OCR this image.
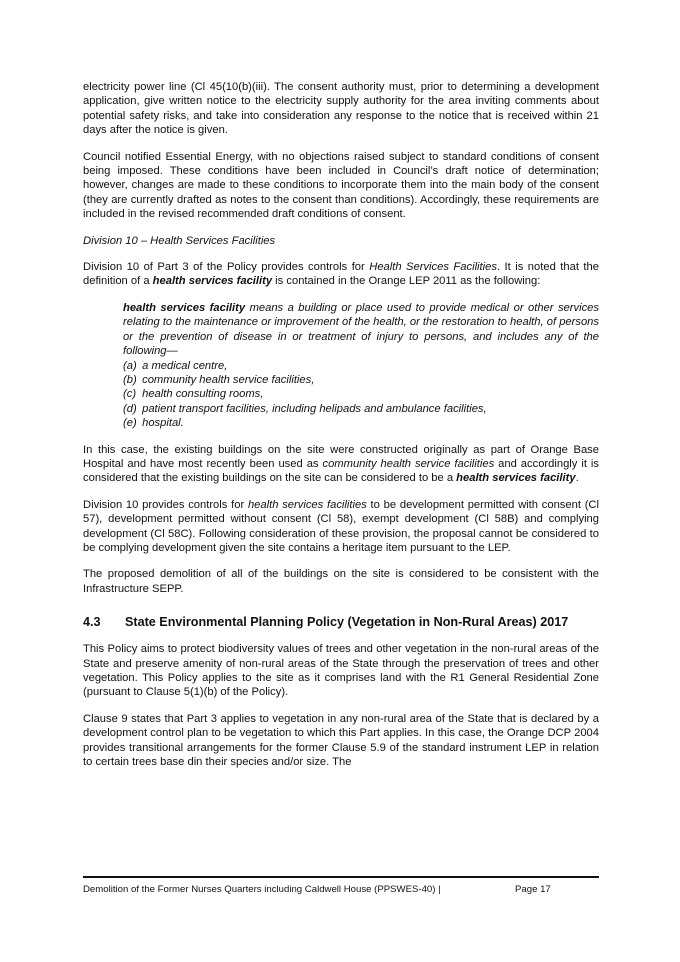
electricity power line (Cl 45(10(b)(iii). The consent authority must, prior to determining a development application, give written notice to the electricity supply authority for the area inviting comments about potential safety risks, and take into consideration any response to the notice that is received within 21 days after the notice is given.

Council notified Essential Energy, with no objections raised subject to standard conditions of consent being imposed. These conditions have been included in Council’s draft notice of determination; however, changes are made to these conditions to incorporate them into the main body of the consent (they are currently drafted as notes to the consent than conditions). Accordingly, these requirements are included in the revised recommended draft conditions of consent.

Division 10 – Health Services Facilities

Division 10 of Part 3 of the Policy provides controls for Health Services Facilities. It is noted that the definition of a health services facility is contained in the Orange LEP 2011 as the following:

health services facility means a building or place used to provide medical or other services relating to the maintenance or improvement of the health, or the restoration to health, of persons or the prevention of disease in or treatment of injury to persons, and includes any of the following—
(a) a medical centre,
(b) community health service facilities,
(c) health consulting rooms,
(d) patient transport facilities, including helipads and ambulance facilities,
(e) hospital.

In this case, the existing buildings on the site were constructed originally as part of Orange Base Hospital and have most recently been used as community health service facilities and accordingly it is considered that the existing buildings on the site can be considered to be a health services facility.

Division 10 provides controls for health services facilities to be development permitted with consent (Cl 57), development permitted without consent (Cl 58), exempt development (Cl 58B) and complying development (Cl 58C). Following consideration of these provision, the proposal cannot be considered to be complying development given the site contains a heritage item pursuant to the LEP.

The proposed demolition of all of the buildings on the site is considered to be consistent with the Infrastructure SEPP.

4.3	State Environmental Planning Policy (Vegetation in Non-Rural Areas) 2017

This Policy aims to protect biodiversity values of trees and other vegetation in the non-rural areas of the State and preserve amenity of non-rural areas of the State through the preservation of trees and other vegetation. This Policy applies to the site as it comprises land with the R1 General Residential Zone (pursuant to Clause 5(1)(b) of the Policy).

Clause 9 states that Part 3 applies to vegetation in any non-rural area of the State that is declared by a development control plan to be vegetation to which this Part applies. In this case, the Orange DCP 2004 provides transitional arrangements for the former Clause 5.9 of the standard instrument LEP in relation to certain trees base din their species and/or size. The

Demolition of the Former Nurses Quarters including Caldwell House (PPSWES-40) |	Page 17
